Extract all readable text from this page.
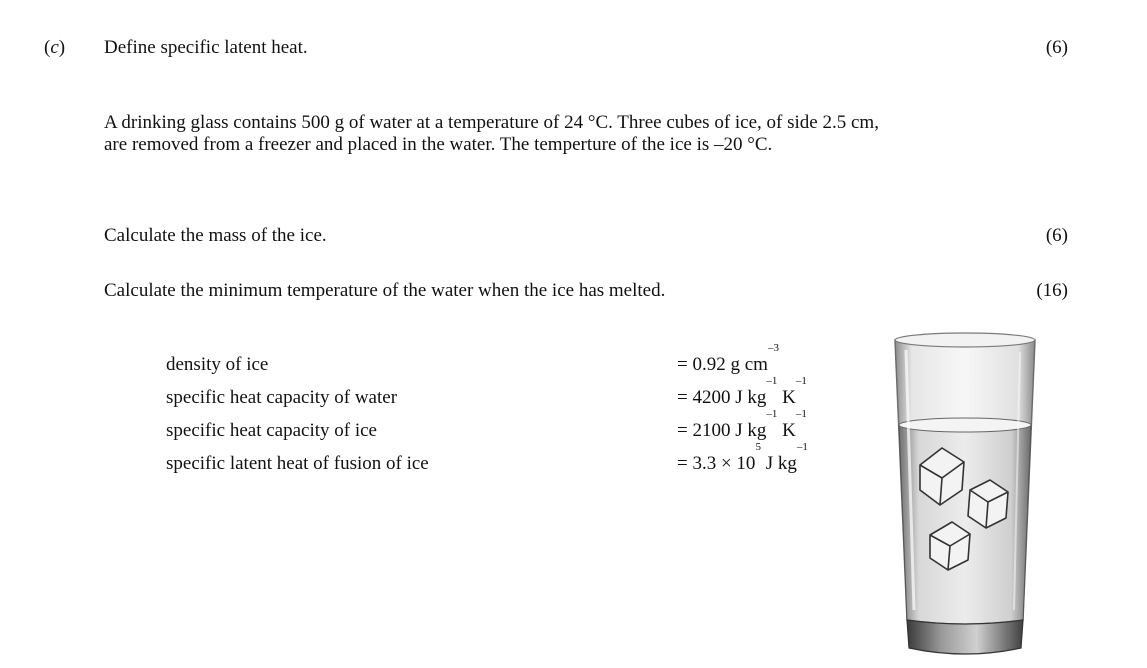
(c) Define specific latent heat.	(6)
A drinking glass contains 500 g of water at a temperature of 24 °C. Three cubes of ice, of side 2.5 cm, are removed from a freezer and placed in the water. The temperture of the ice is –20 °C.
Calculate the mass of the ice.	(6)
Calculate the minimum temperature of the water when the ice has melted.	(16)
density of ice	= 0.92 g $cm^{-3}$
specific heat capacity of water	= 4200 J $kg^{-1}$ $K^{-1}$
specific heat capacity of ice	= 2100 J $kg^{-1}$ $K^{-1}$
specific latent heat of fusion of ice	= $3.3 \times 10^5$ J $kg^{-1}$
